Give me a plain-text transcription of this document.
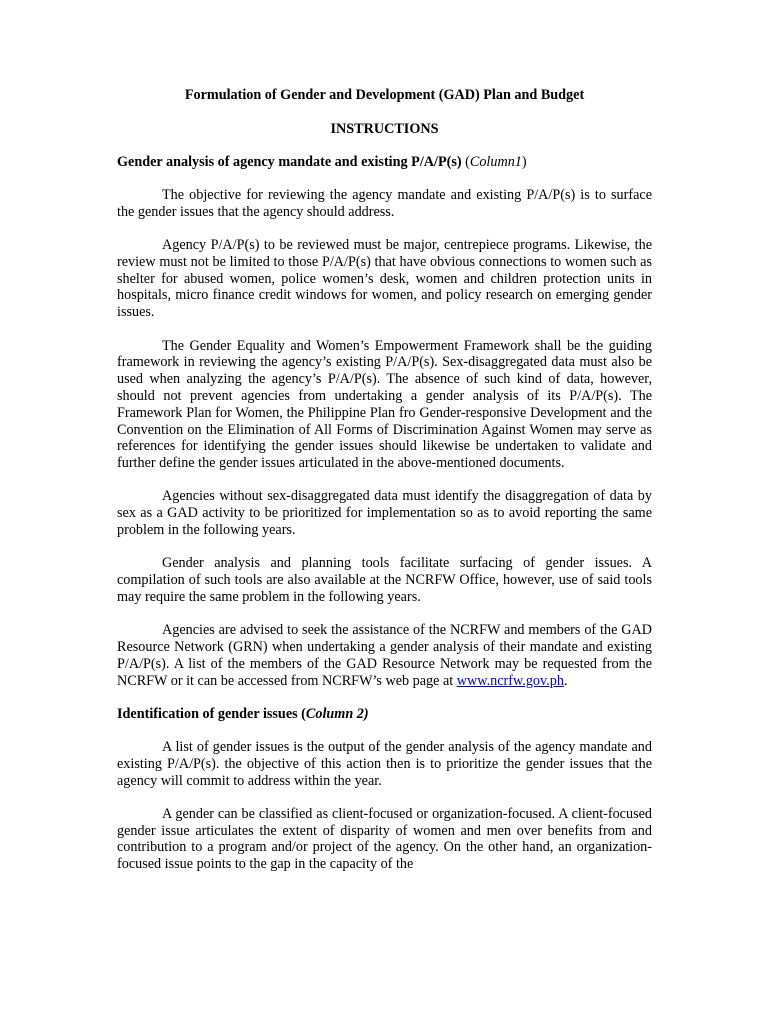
Formulation of Gender and Development (GAD) Plan and Budget
INSTRUCTIONS
Gender analysis of agency mandate and existing P/A/P(s) (Column1)

The objective for reviewing the agency mandate and existing P/A/P(s) is to surface the gender issues that the agency should address.

Agency P/A/P(s) to be reviewed must be major, centrepiece programs. Likewise, the review must not be limited to those P/A/P(s) that have obvious connections to women such as shelter for abused women, police women’s desk, women and children protection units in hospitals, micro finance credit windows for women, and policy research on emerging gender issues.

The Gender Equality and Women’s Empowerment Framework shall be the guiding framework in reviewing the agency’s existing P/A/P(s). Sex-disaggregated data must also be used when analyzing the agency’s P/A/P(s). The absence of such kind of data, however, should not prevent agencies from undertaking a gender analysis of its P/A/P(s). The Framework Plan for Women, the Philippine Plan fro Gender-responsive Development and the Convention on the Elimination of All Forms of Discrimination Against Women may serve as references for identifying the gender issues should likewise be undertaken to validate and further define the gender issues articulated in the above-mentioned documents.

Agencies without sex-disaggregated data must identify the disaggregation of data by sex as a GAD activity to be prioritized for implementation so as to avoid reporting the same problem in the following years.

Gender analysis and planning tools facilitate surfacing of gender issues. A compilation of such tools are also available at the NCRFW Office, however, use of said tools may require the same problem in the following years.

Agencies are advised to seek the assistance of the NCRFW and members of the GAD Resource Network (GRN) when undertaking a gender analysis of their mandate and existing P/A/P(s). A list of the members of the GAD Resource Network may be requested from the NCRFW or it can be accessed from NCRFW’s web page at www.ncrfw.gov.ph.

Identification of gender issues (Column 2)

A list of gender issues is the output of the gender analysis of the agency mandate and existing P/A/P(s). the objective of this action then is to prioritize the gender issues that the agency will commit to address within the year.

A gender can be classified as client-focused or organization-focused. A client-focused gender issue articulates the extent of disparity of women and men over benefits from and contribution to a program and/or project of the agency. On the other hand, an organization-focused issue points to the gap in the capacity of the
